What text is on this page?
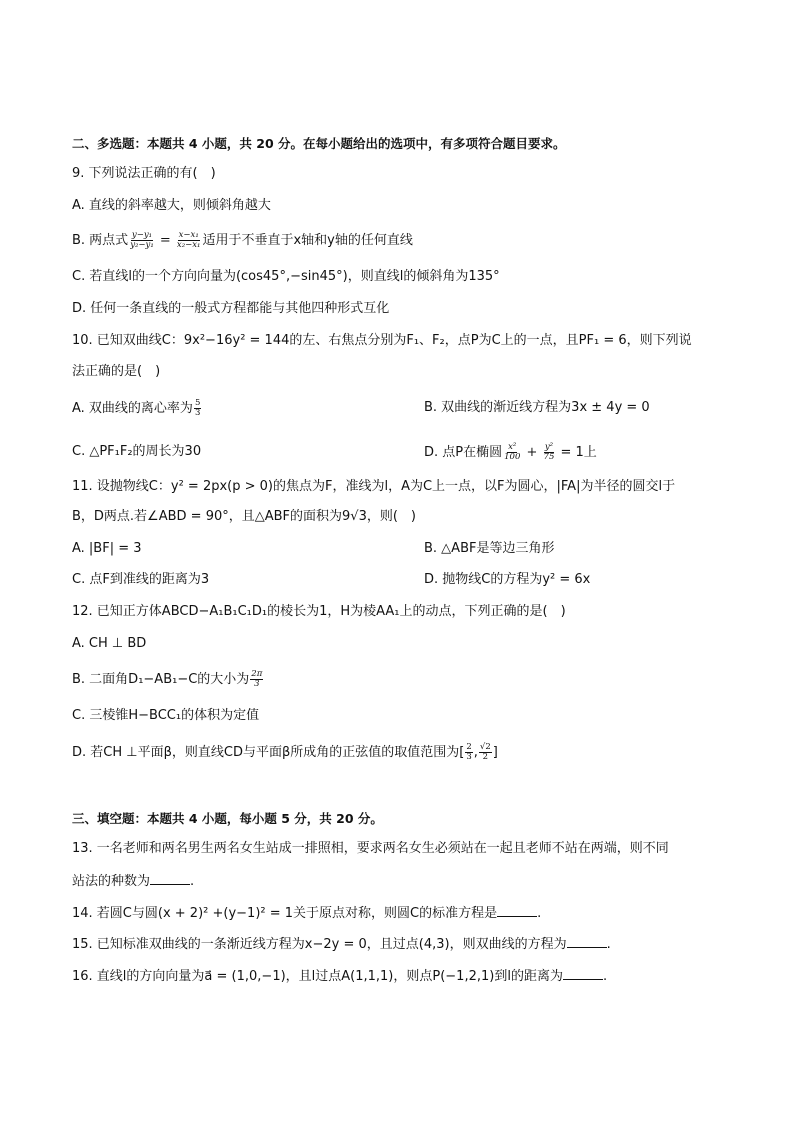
二、多选题：本题共 4 小题，共 20 分。在每小题给出的选项中，有多项符合题目要求。
9. 下列说法正确的有(　)
A. 直线的斜率越大，则倾斜角越大
B. 两点式 $\frac{\text{y−y₁}}{\text{y₂−y₁}} = \frac{\text{x−x₁}}{\text{x₂−x₁}}$ 适用于不垂直于x轴和y轴的任何直线
C. 若直线l的一个方向向量为(cos45°,−sin45°)，则直线l的倾斜角为135°
D. 任何一条直线的一般式方程都能与其他四种形式互化
10. 已知双曲线C：9x²−16y² = 144的左、右焦点分别为F₁、F₂，点P为C上的一点，且PF₁ = 6，则下列说
法正确的是(　)
A. 双曲线的离心率为 $\frac{5}{3}$	B. 双曲线的渐近线方程为3x ± 4y = 0
C. △PF₁F₂的周长为30	D. 点P在椭圆 $\frac{\text{x²}}{100} + \frac{\text{y²}}{75} = 1$上
11. 设抛物线C：y² = 2px(p > 0)的焦点为F，准线为l，A为C上一点，以F为圆心，|FA|为半径的圆交l于
B，D两点.若∠ABD = 90°，且△ABF的面积为9√3，则(　)
A. |BF| = 3	B. △ABF是等边三角形
C. 点F到准线的距离为3	D. 抛物线C的方程为y² = 6x
12. 已知正方体ABCD−A₁B₁C₁D₁的棱长为1，H为棱AA₁上的动点，下列正确的是(　)
A. CH ⊥ BD
B. 二面角D₁−AB₁−C的大小为 $\frac{2\pi}{3}$
C. 三棱锥H−BCC₁的体积为定值
D. 若CH ⊥平面β，则直线CD与平面β所成角的正弦值的取值范围为[ $\frac{2}{3}$ , $\frac{√2}{2}$ ]
三、填空题：本题共 4 小题，每小题 5 分，共 20 分。
13. 一名老师和两名男生两名女生站成一排照相，要求两名女生必须站在一起且老师不站在两端，则不同
站法的种数为	.
14. 若圆C与圆(x + 2)² +(y−1)² = 1关于原点对称，则圆C的标准方程是	.
15. 已知标准双曲线的一条渐近线方程为x−2y = 0，且过点(4,3)，则双曲线的方程为	.
16. 直线l的方向向量为a⃗ = (1,0,−1)，且l过点A(1,1,1)，则点P(−1,2,1)到l的距离为	.
